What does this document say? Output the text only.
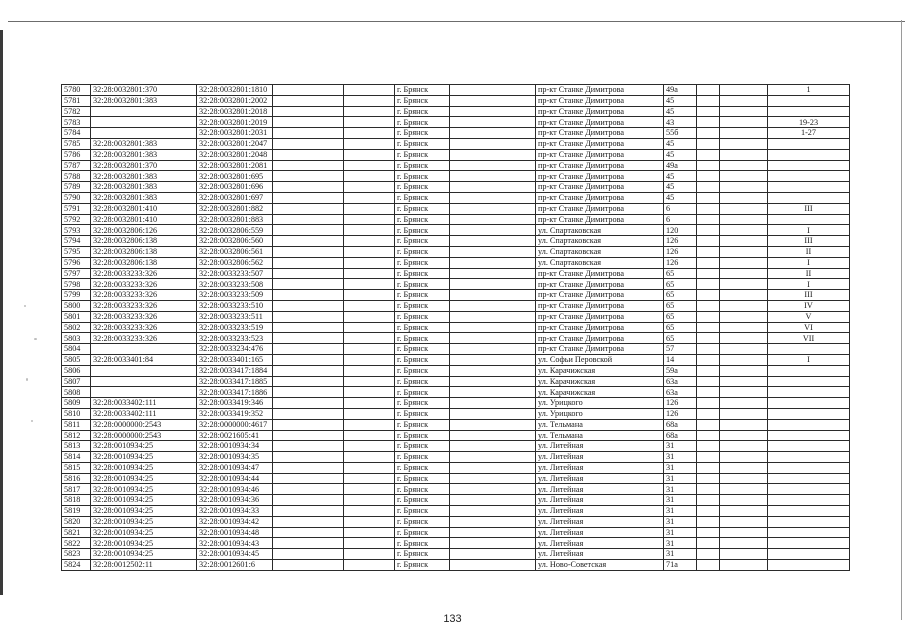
5780	32:28:0032801:370	32:28:0032801:1810			г. Брянск		пр-кт Станке Димитрова	49а			1
5781	32:28:0032801:383	32:28:0032801:2002			г. Брянск		пр-кт Станке Димитрова	45			
5782		32:28:0032801:2018			г. Брянск		пр-кт Станке Димитрова	45			
5783		32:28:0032801:2019			г. Брянск		пр-кт Станке Димитрова	43			19-23
5784		32:28:0032801:2031			г. Брянск		пр-кт Станке Димитрова	55б			1-27
5785	32:28:0032801:383	32:28:0032801:2047			г. Брянск		пр-кт Станке Димитрова	45			
5786	32:28:0032801:383	32:28:0032801:2048			г. Брянск		пр-кт Станке Димитрова	45			
5787	32:28:0032801:370	32:28:0032801:2081			г. Брянск		пр-кт Станке Димитрова	49а			
5788	32:28:0032801:383	32:28:0032801:695			г. Брянск		пр-кт Станке Димитрова	45			
5789	32:28:0032801:383	32:28:0032801:696			г. Брянск		пр-кт Станке Димитрова	45			
5790	32:28:0032801:383	32:28:0032801:697			г. Брянск		пр-кт Станке Димитрова	45			
5791	32:28:0032801:410	32:28:0032801:882			г. Брянск		пр-кт Станке Димитрова	6			III
5792	32:28:0032801:410	32:28:0032801:883			г. Брянск		пр-кт Станке Димитрова	6			
5793	32:28:0032806:126	32:28:0032806:559			г. Брянск		ул. Спартаковская	120			I
5794	32:28:0032806:138	32:28:0032806:560			г. Брянск		ул. Спартаковская	126			III
5795	32:28:0032806:138	32:28:0032806:561			г. Брянск		ул. Спартаковская	126			II
5796	32:28:0032806:138	32:28:0032806:562			г. Брянск		ул. Спартаковская	126			I
5797	32:28:0033233:326	32:28:0033233:507			г. Брянск		пр-кт Станке Димитрова	65			II
5798	32:28:0033233:326	32:28:0033233:508			г. Брянск		пр-кт Станке Димитрова	65			I
5799	32:28:0033233:326	32:28:0033233:509			г. Брянск		пр-кт Станке Димитрова	65			III
5800	32:28:0033233:326	32:28:0033233:510			г. Брянск		пр-кт Станке Димитрова	65			IV
5801	32:28:0033233:326	32:28:0033233:511			г. Брянск		пр-кт Станке Димитрова	65			V
5802	32:28:0033233:326	32:28:0033233:519			г. Брянск		пр-кт Станке Димитрова	65			VI
5803	32:28:0033233:326	32:28:0033233:523			г. Брянск		пр-кт Станке Димитрова	65			VII
5804		32:28:0033234:476			г. Брянск		пр-кт Станке Димитрова	57			
5805	32:28:0033401:84	32:28:0033401:165			г. Брянск		ул. Софьи Перовской	14			I
5806		32:28:0033417:1884			г. Брянск		ул. Карачижская	59а			
5807		32:28:0033417:1885			г. Брянск		ул. Карачижская	63а			
5808		32:28:0033417:1886			г. Брянск		ул. Карачижская	63а			
5809	32:28:0033402:111	32:28:0033419:346			г. Брянск		ул. Урицкого	126			
5810	32:28:0033402:111	32:28:0033419:352			г. Брянск		ул. Урицкого	126			
5811	32:28:0000000:2543	32:28:0000000:4617			г. Брянск		ул. Тельмана	68а			
5812	32:28:0000000:2543	32:28:0021605:41			г. Брянск		ул. Тельмана	68а			
5813	32:28:0010934:25	32:28:0010934:34			г. Брянск		ул. Литейная	31			
5814	32:28:0010934:25	32:28:0010934:35			г. Брянск		ул. Литейная	31			
5815	32:28:0010934:25	32:28:0010934:47			г. Брянск		ул. Литейная	31			
5816	32:28:0010934:25	32:28:0010934:44			г. Брянск		ул. Литейная	31			
5817	32:28:0010934:25	32:28:0010934:46			г. Брянск		ул. Литейная	31			
5818	32:28:0010934:25	32:28:0010934:36			г. Брянск		ул. Литейная	31			
5819	32:28:0010934:25	32:28:0010934:33			г. Брянск		ул. Литейная	31			
5820	32:28:0010934:25	32:28:0010934:42			г. Брянск		ул. Литейная	31			
5821	32:28:0010934:25	32:28:0010934:48			г. Брянск		ул. Литейная	31			
5822	32:28:0010934:25	32:28:0010934:43			г. Брянск		ул. Литейная	31			
5823	32:28:0010934:25	32:28:0010934:45			г. Брянск		ул. Литейная	31			
5824	32:28:0012502:11	32:28:0012601:6			г. Брянск		ул. Ново-Советская	71а			
133
